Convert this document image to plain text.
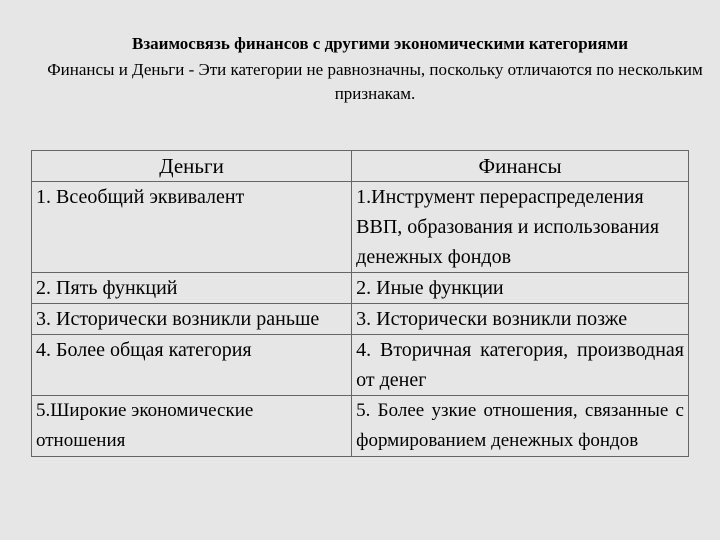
Взаимосвязь финансов с другими экономическими категориями
Финансы и Деньги - Эти категории не равнозначны, поскольку отличаются по нескольким признакам.
Деньги	Финансы
1. Всеобщий эквивалент	1.Инструмент перераспределения ВВП, образования и использования денежных фондов
2. Пять функций	2. Иные функции
3. Исторически возникли раньше	3. Исторически возникли позже
4. Более общая категория	4. Вторичная категория, производная от денег
5.Широкие экономические отношения	5. Более узкие отношения, связанные с формированием денежных фондов
